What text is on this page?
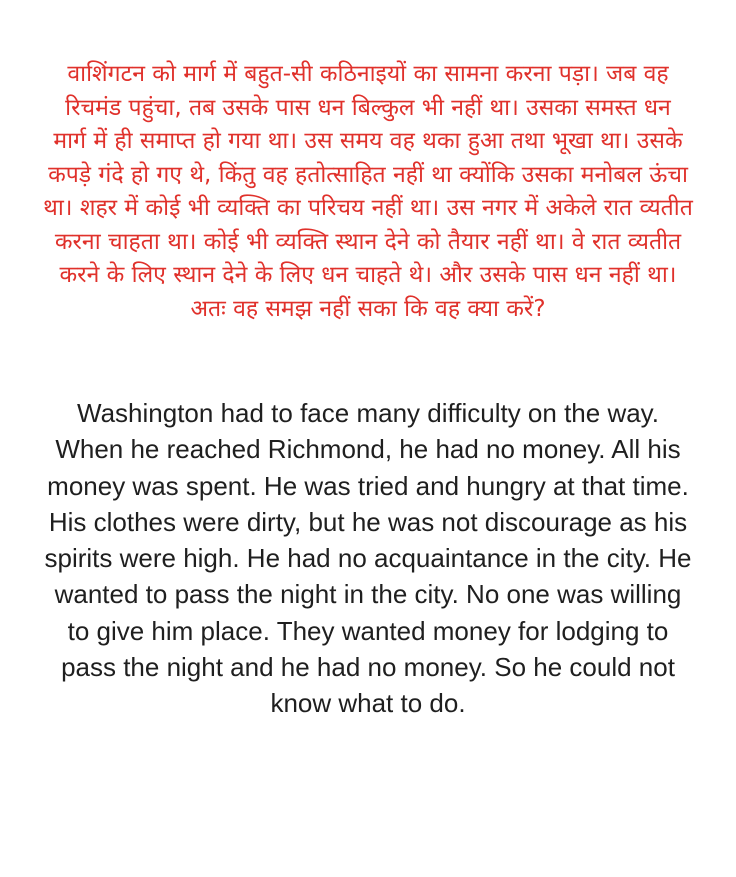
वाशिंगटन को मार्ग में बहुत-सी कठिनाइयों का सामना करना पड़ा। जब वह
रिचमंड पहुंचा, तब उसके पास धन बिल्कुल भी नहीं था। उसका समस्त धन
मार्ग में ही समाप्त हो गया था। उस समय वह थका हुआ तथा भूखा था। उसके
कपड़े गंदे हो गए थे, किंतु वह हतोत्साहित नहीं था क्योंकि उसका मनोबल ऊंचा
था। शहर में कोई भी व्यक्ति का परिचय नहीं था। उस नगर में अकेले रात व्यतीत
करना चाहता था। कोई भी व्यक्ति स्थान देने को तैयार नहीं था। वे रात व्यतीत
करने के लिए स्थान देने के लिए धन चाहते थे। और उसके पास धन नहीं था।
अतः वह समझ नहीं सका कि वह क्या करें?

Washington had to face many difficulty on the way.
When he reached Richmond, he had no money. All his
money was spent. He was tried and hungry at that time.
His clothes were dirty, but he was not discourage as his
spirits were high. He had no acquaintance in the city. He
wanted to pass the night in the city. No one was willing
to give him place. They wanted money for lodging to
pass the night and he had no money. So he could not
know what to do.
